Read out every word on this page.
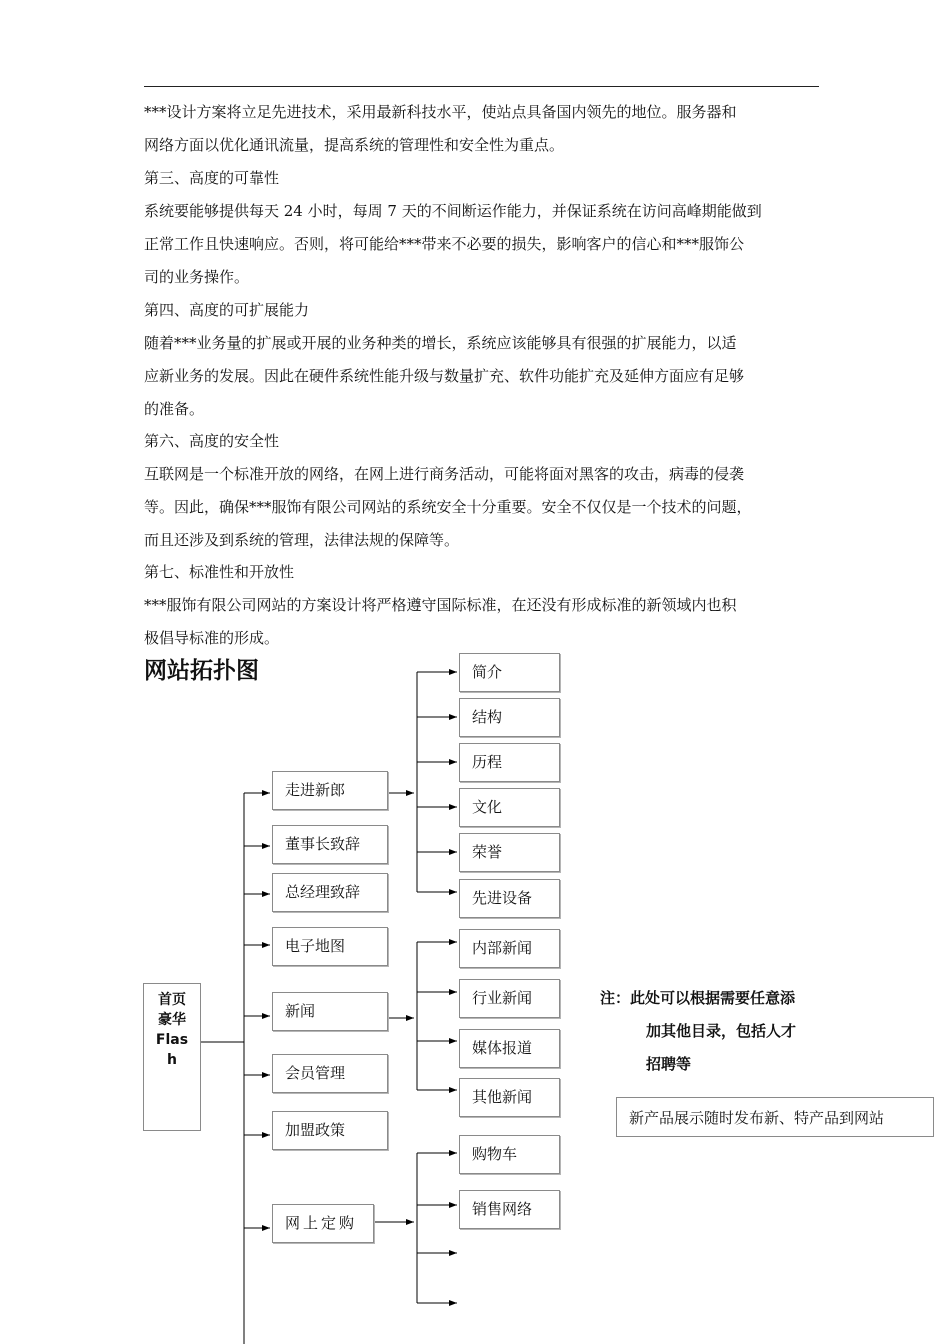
***设计方案将立足先进技术，采用最新科技水平，使站点具备国内领先的地位。服务器和
网络方面以优化通讯流量，提高系统的管理性和安全性为重点。
第三、高度的可靠性
系统要能够提供每天 24 小时，每周 7 天的不间断运作能力，并保证系统在访问高峰期能做到
正常工作且快速响应。否则，将可能给***带来不必要的损失，影响客户的信心和***服饰公
司的业务操作。
第四、高度的可扩展能力
随着***业务量的扩展或开展的业务种类的增长，系统应该能够具有很强的扩展能力，以适
应新业务的发展。因此在硬件系统性能升级与数量扩充、软件功能扩充及延伸方面应有足够
的准备。
第六、高度的安全性
互联网是一个标准开放的网络，在网上进行商务活动，可能将面对黑客的攻击，病毒的侵袭
等。因此，确保***服饰有限公司网站的系统安全十分重要。安全不仅仅是一个技术的问题，
而且还涉及到系统的管理，法律法规的保障等。
第七、标准性和开放性
***服饰有限公司网站的方案设计将严格遵守国际标准，在还没有形成标准的新领域内也积
极倡导标准的形成。
网站拓扑图
首页
豪华
Flas
h
走进新郎
董事长致辞
总经理致辞
电子地图
新闻
会员管理
加盟政策
网上定购
简介
结构
历程
文化
荣誉
先进设备
内部新闻
行业新闻
媒体报道
其他新闻
购物车
销售网络
注：此处可以根据需要任意添
加其他目录，包括人才
招聘等
新产品展示随时发布新、特产品到网站
